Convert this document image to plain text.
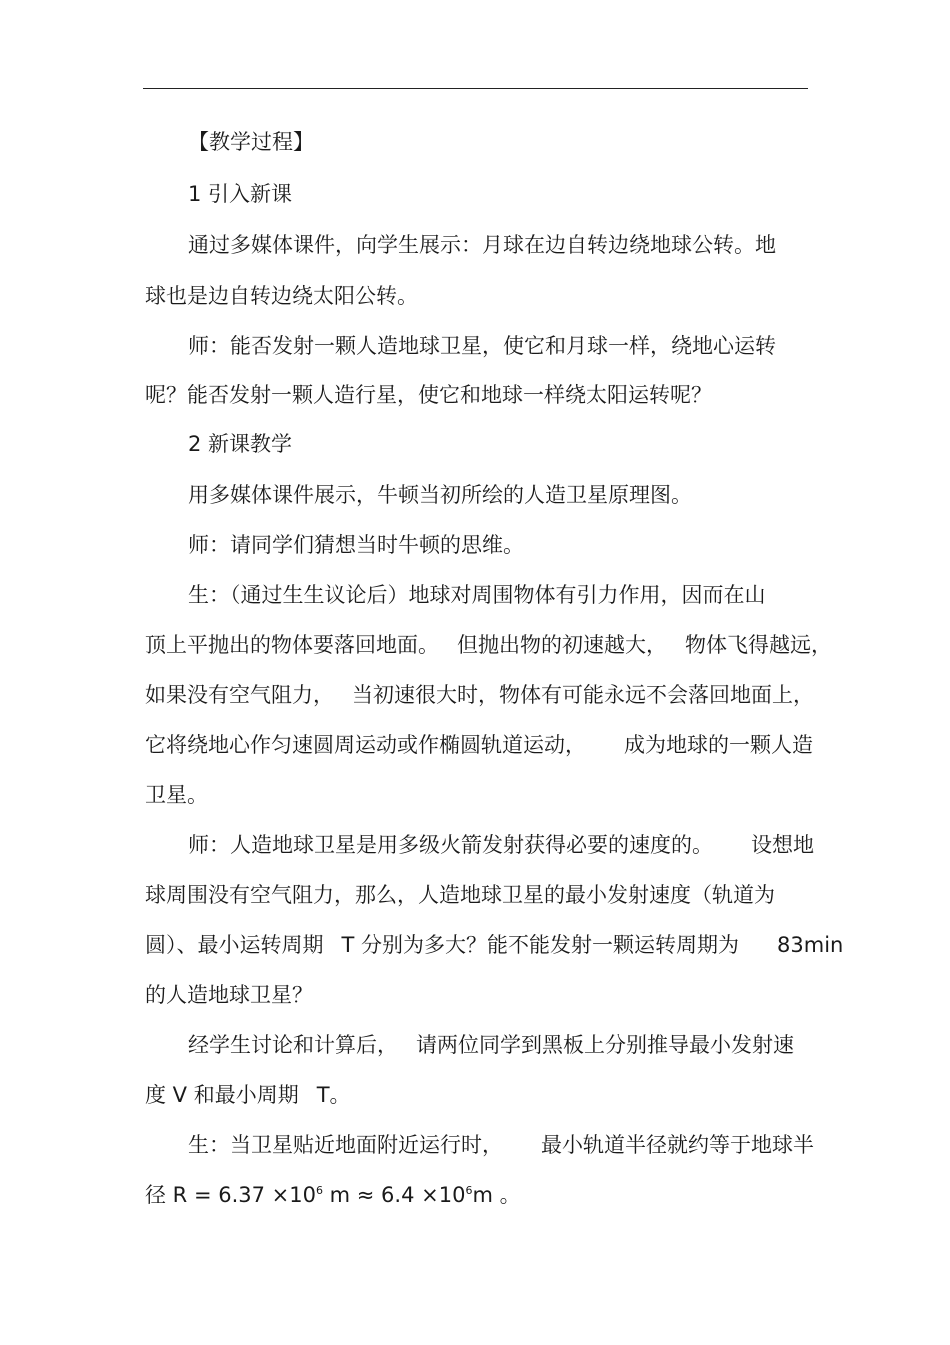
【教学过程】
1 引入新课
通过多媒体课件，向学生展示：月球在边自转边绕地球公转。地
球也是边自转边绕太阳公转。
师：能否发射一颗人造地球卫星，使它和月球一样，绕地心运转
呢？能否发射一颗人造行星，使它和地球一样绕太阳运转呢？
2 新课教学
用多媒体课件展示，牛顿当初所绘的人造卫星原理图。
师：请同学们猜想当时牛顿的思维。
生：（通过生生议论后）地球对周围物体有引力作用，因而在山
顶上平抛出的物体要落回地面。 但抛出物的初速越大， 物体飞得越远，
如果没有空气阻力， 当初速很大时，物体有可能永远不会落回地面上，
它将绕地心作匀速圆周运动或作椭圆轨道运动， 成为地球的一颗人造
卫星。
师：人造地球卫星是用多级火箭发射获得必要的速度的。 设想地
球周围没有空气阻力，那么，人造地球卫星的最小发射速度（轨道为
圆）、最小运转周期 T 分别为多大？能不能发射一颗运转周期为 83min
的人造地球卫星？
经学生讨论和计算后， 请两位同学到黑板上分别推导最小发射速
度 V 和最小周期 T。
生：当卫星贴近地面附近运行时， 最小轨道半径就约等于地球半
径 $R = 6.37 \times 10^6$ $m \approx 6.4 \times 10^6m$ 。
